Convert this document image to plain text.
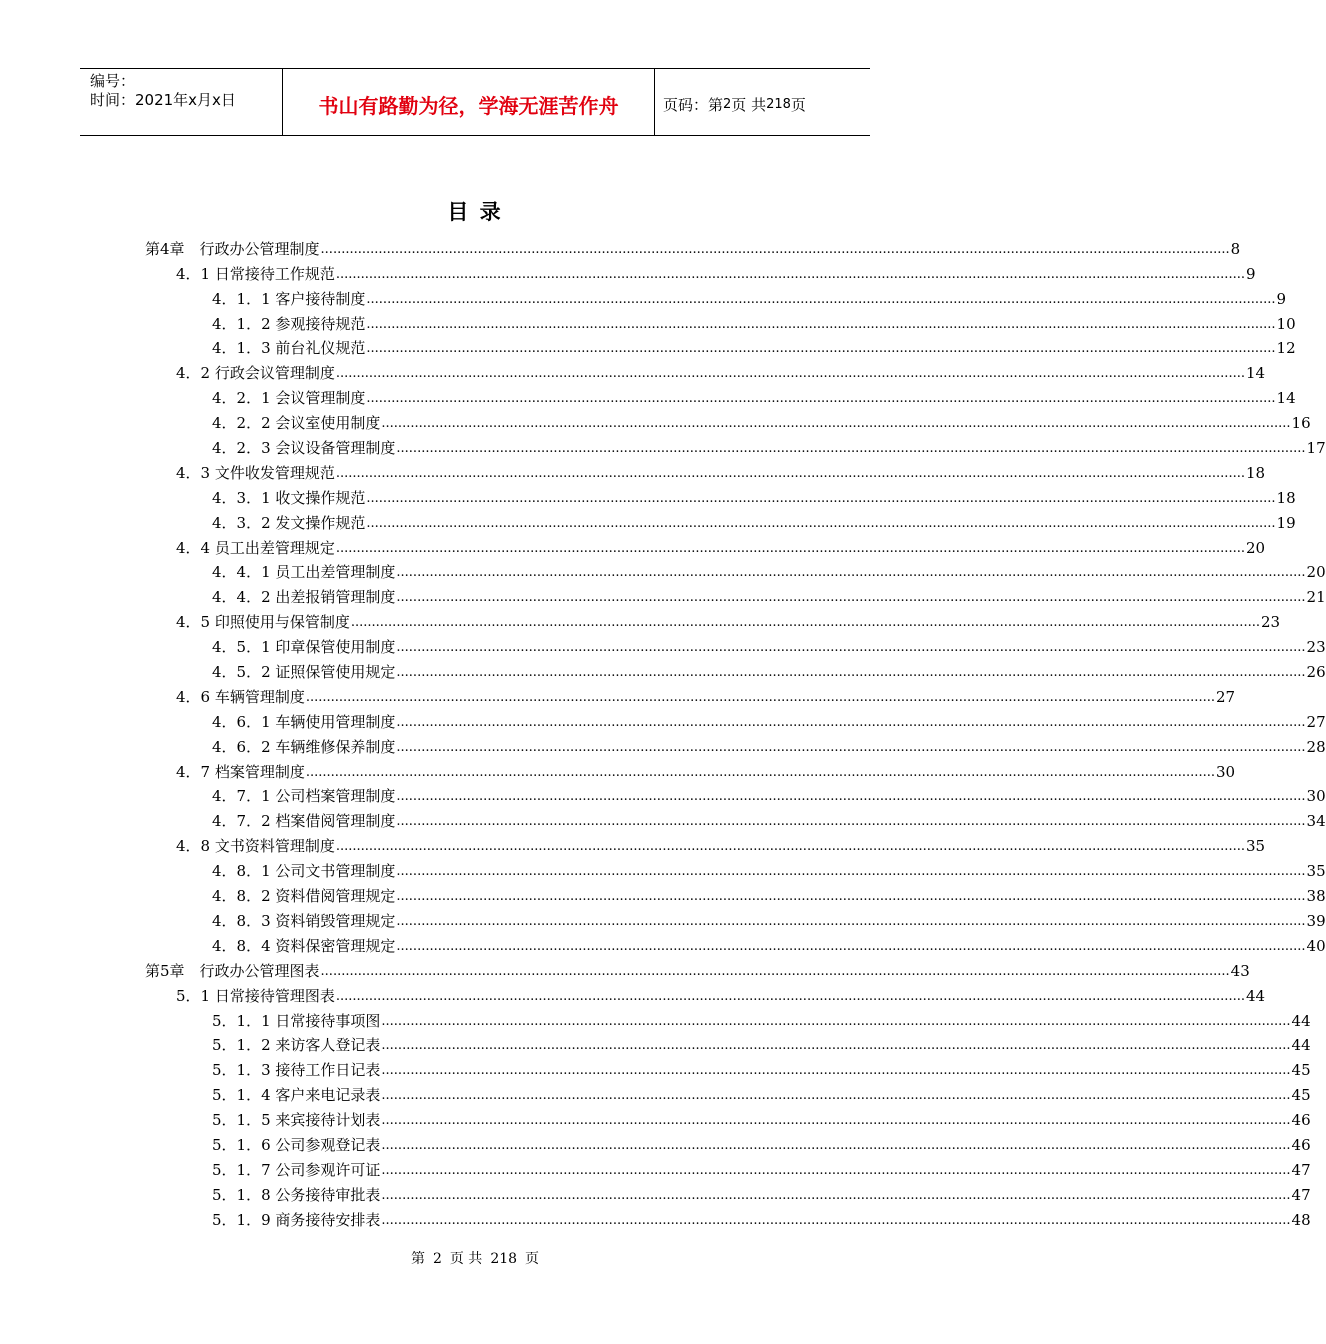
编号：
时间：2021年x月x日	书山有路勤为径，学海无涯苦作舟	页码：第 2 页 共 218 页
目 录
第4章　行政办公管理制度 ............................................................................................................................................................................................................................ 8
4．1 日常接待工作规范 ............................................................................................................................................................................................................................ 9
4．1．1 客户接待制度 ............................................................................................................................................................................................................................ 9
4．1．2 参观接待规范 ............................................................................................................................................................................................................................ 10
4．1．3 前台礼仪规范 ............................................................................................................................................................................................................................ 12
4．2 行政会议管理制度 ............................................................................................................................................................................................................................ 14
4．2．1 会议管理制度 ............................................................................................................................................................................................................................ 14
4．2．2 会议室使用制度 ............................................................................................................................................................................................................................ 16
4．2．3 会议设备管理制度 ............................................................................................................................................................................................................................ 17
4．3 文件收发管理规范 ............................................................................................................................................................................................................................ 18
4．3．1 收文操作规范 ............................................................................................................................................................................................................................ 18
4．3．2 发文操作规范 ............................................................................................................................................................................................................................ 19
4．4 员工出差管理规定 ............................................................................................................................................................................................................................ 20
4．4．1 员工出差管理制度 ............................................................................................................................................................................................................................ 20
4．4．2 出差报销管理制度 ............................................................................................................................................................................................................................ 21
4．5 印照使用与保管制度 ............................................................................................................................................................................................................................ 23
4．5．1 印章保管使用制度 ............................................................................................................................................................................................................................ 23
4．5．2 证照保管使用规定 ............................................................................................................................................................................................................................ 26
4．6 车辆管理制度 ............................................................................................................................................................................................................................ 27
4．6．1 车辆使用管理制度 ............................................................................................................................................................................................................................ 27
4．6．2 车辆维修保养制度 ............................................................................................................................................................................................................................ 28
4．7 档案管理制度 ............................................................................................................................................................................................................................ 30
4．7．1 公司档案管理制度 ............................................................................................................................................................................................................................ 30
4．7．2 档案借阅管理制度 ............................................................................................................................................................................................................................ 34
4．8 文书资料管理制度 ............................................................................................................................................................................................................................ 35
4．8．1 公司文书管理制度 ............................................................................................................................................................................................................................ 35
4．8．2 资料借阅管理规定 ............................................................................................................................................................................................................................ 38
4．8．3 资料销毁管理规定 ............................................................................................................................................................................................................................ 39
4．8．4 资料保密管理规定 ............................................................................................................................................................................................................................ 40
第5章　行政办公管理图表 ............................................................................................................................................................................................................................ 43
5．1 日常接待管理图表 ............................................................................................................................................................................................................................ 44
5．1．1 日常接待事项图 ............................................................................................................................................................................................................................ 44
5．1．2 来访客人登记表 ............................................................................................................................................................................................................................ 44
5．1．3 接待工作日记表 ............................................................................................................................................................................................................................ 45
5．1．4 客户来电记录表 ............................................................................................................................................................................................................................ 45
5．1．5 来宾接待计划表 ............................................................................................................................................................................................................................ 46
5．1．6 公司参观登记表 ............................................................................................................................................................................................................................ 46
5．1．7 公司参观许可证 ............................................................................................................................................................................................................................ 47
5．1．8 公务接待审批表 ............................................................................................................................................................................................................................ 47
5．1．9 商务接待安排表 ............................................................................................................................................................................................................................ 48
第 2 页 共 218 页
